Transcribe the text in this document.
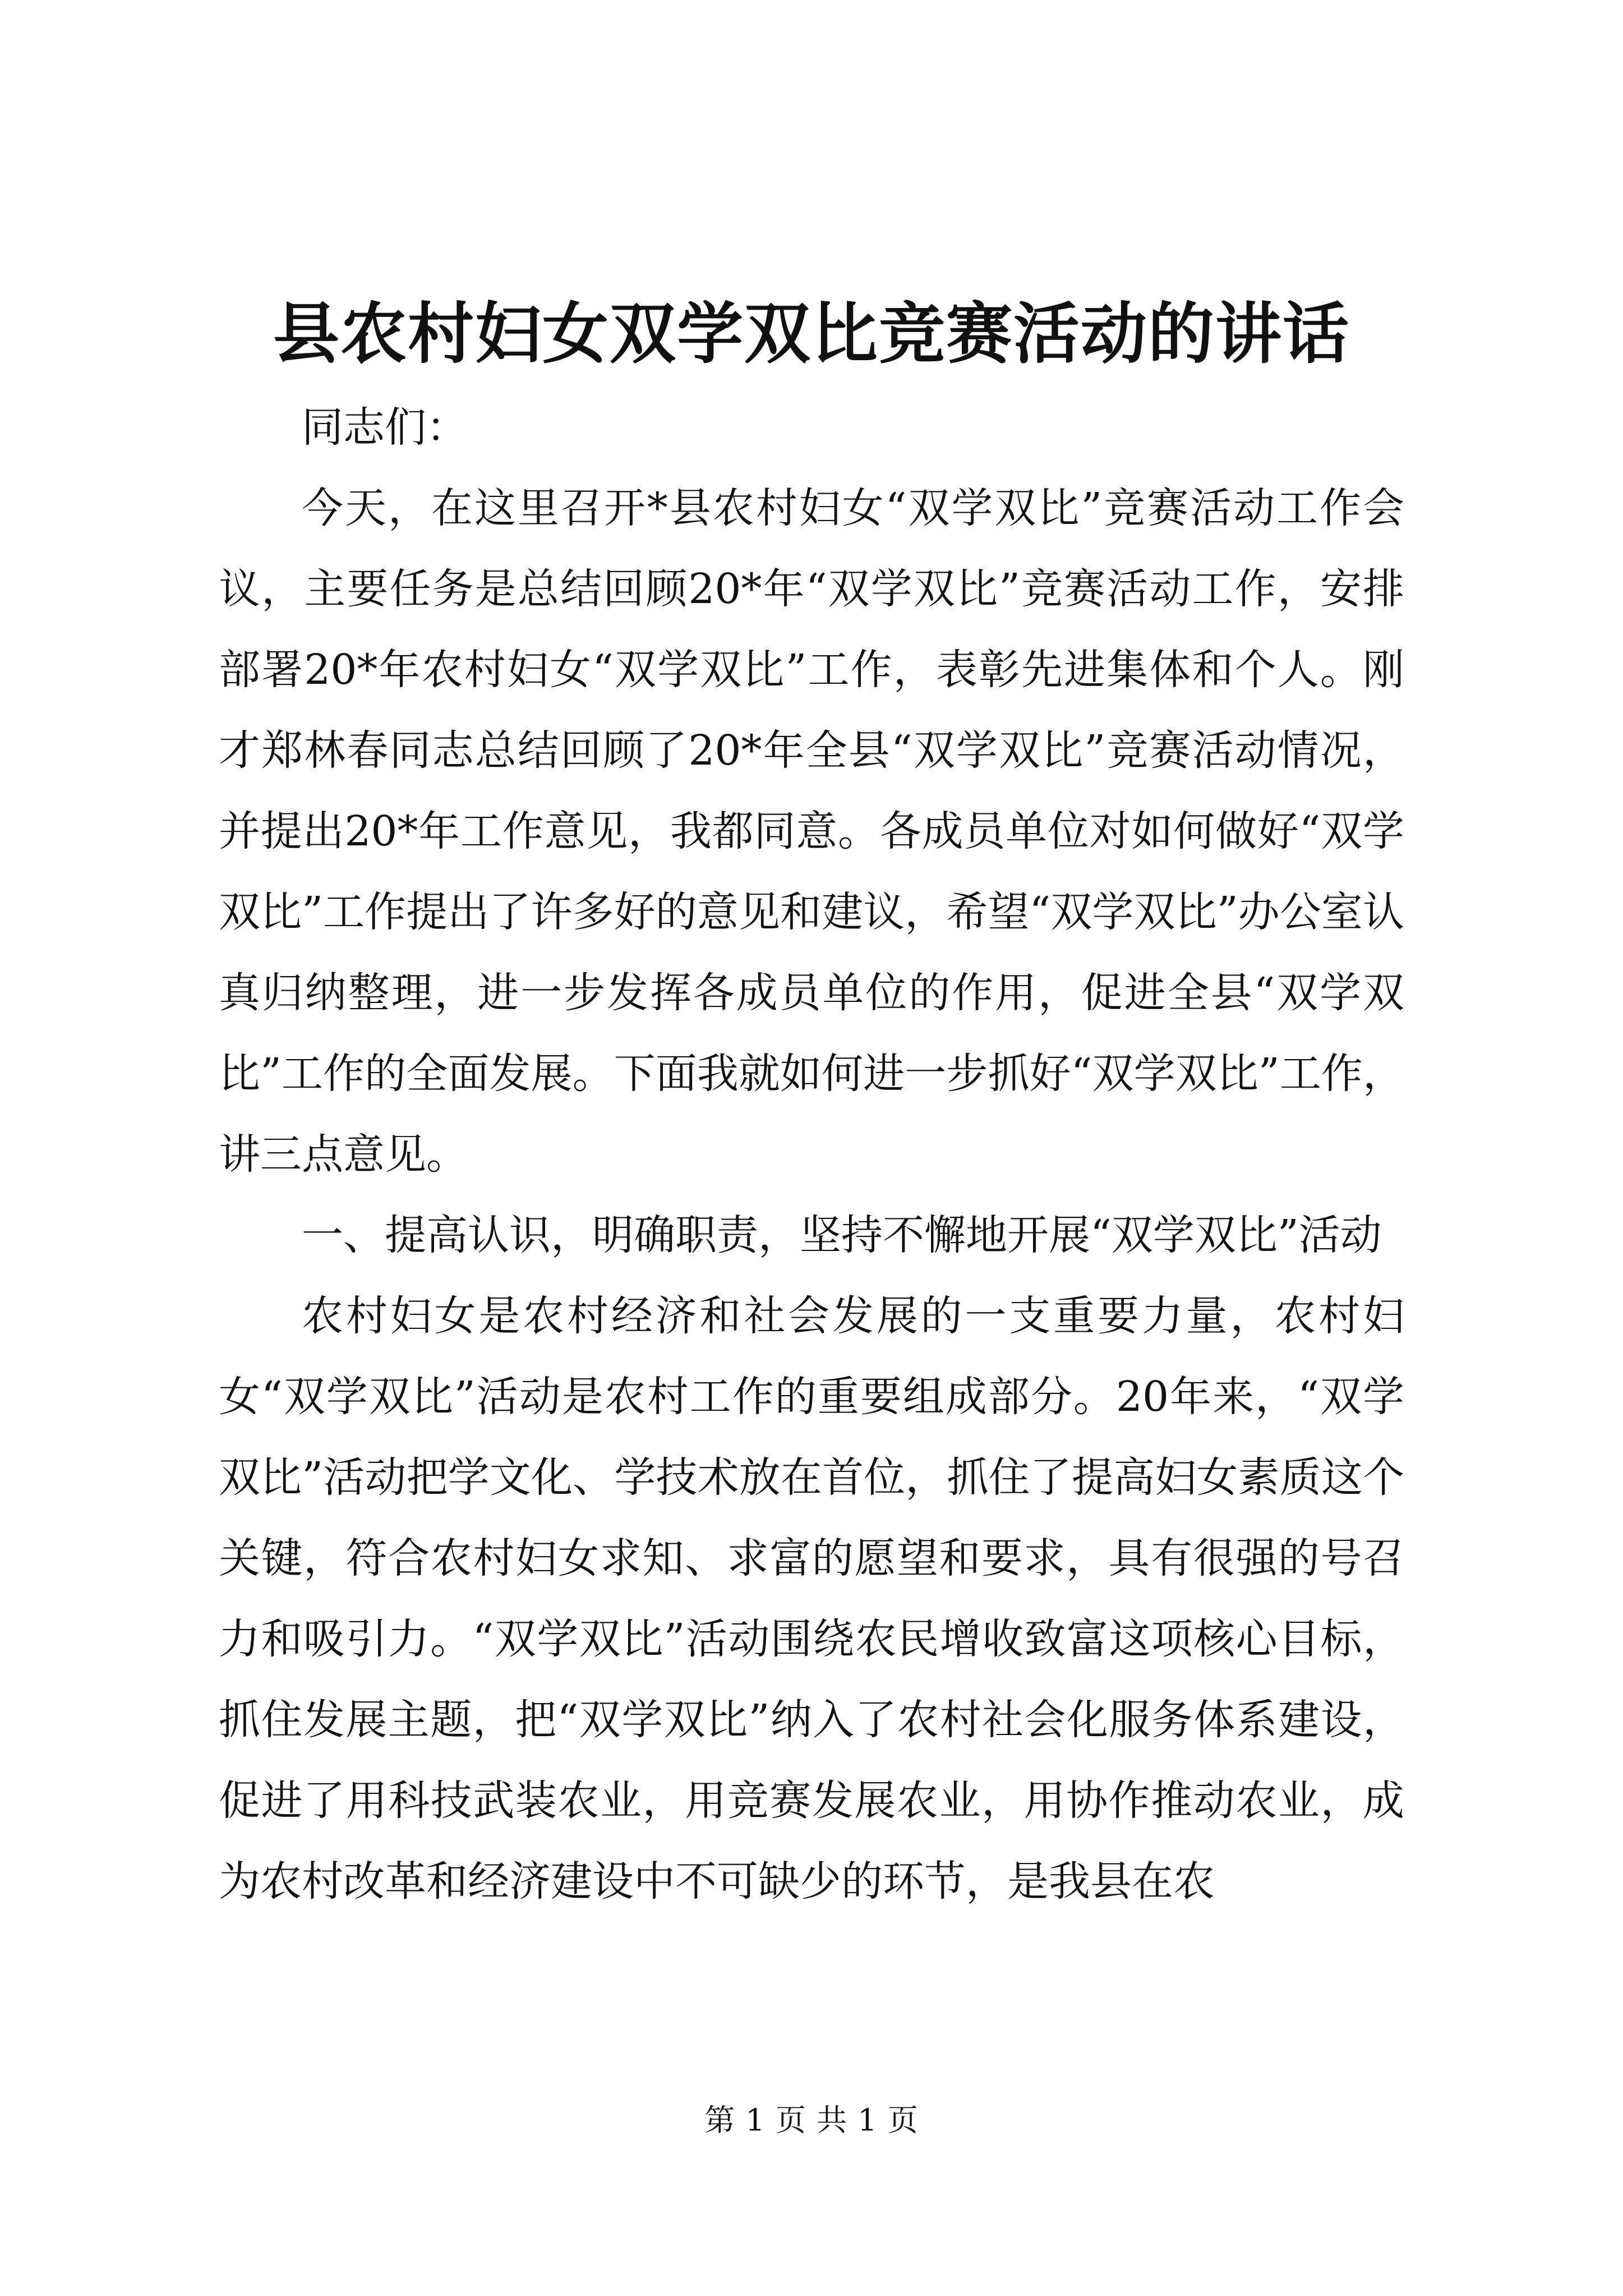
县农村妇女双学双比竞赛活动的讲话

同志们：

今天，在这里召开*县农村妇女“双学双比”竞赛活动工作会议，主要任务是总结回顾20*年“双学双比”竞赛活动工作，安排部署20*年农村妇女“双学双比”工作，表彰先进集体和个人。刚才郑林春同志总结回顾了20*年全县“双学双比”竞赛活动情况，并提出20*年工作意见，我都同意。各成员单位对如何做好“双学双比”工作提出了许多好的意见和建议，希望“双学双比”办公室认真归纳整理，进一步发挥各成员单位的作用，促进全县“双学双比”工作的全面发展。下面我就如何进一步抓好“双学双比”工作，讲三点意见。

一、提高认识，明确职责，坚持不懈地开展“双学双比”活动

农村妇女是农村经济和社会发展的一支重要力量，农村妇女“双学双比”活动是农村工作的重要组成部分。20年来，“双学双比”活动把学文化、学技术放在首位，抓住了提高妇女素质这个关键，符合农村妇女求知、求富的愿望和要求，具有很强的号召力和吸引力。“双学双比”活动围绕农民增收致富这项核心目标，抓住发展主题，把“双学双比”纳入了农村社会化服务体系建设，促进了用科技武装农业，用竞赛发展农业，用协作推动农业，成为农村改革和经济建设中不可缺少的环节，是我县在农

第 1 页 共 1 页
